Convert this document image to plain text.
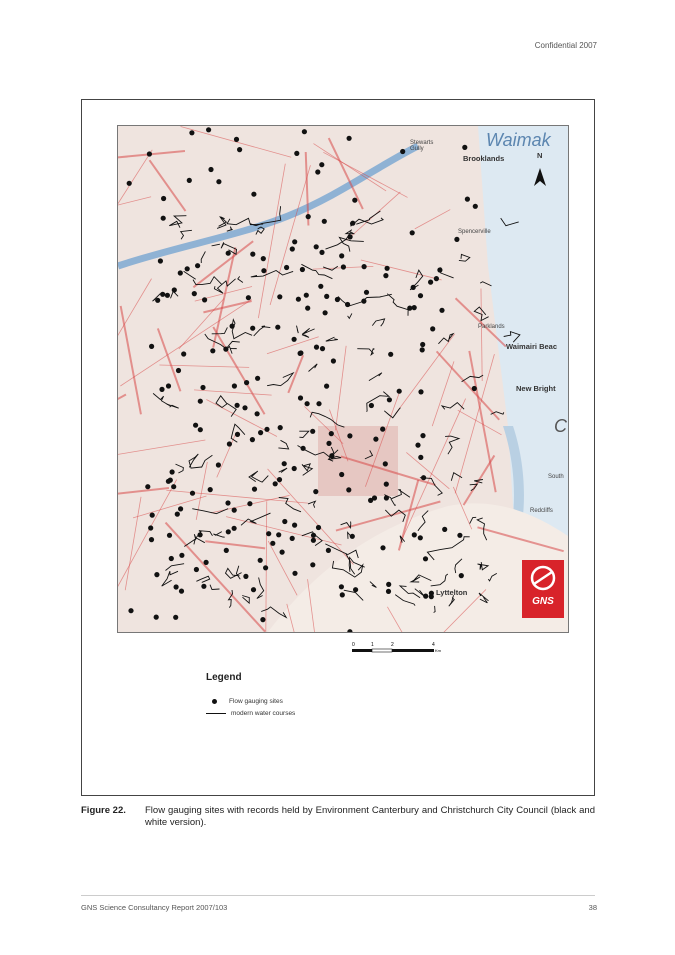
Confidential 2007
Waimak
Stewarts Gully
Brooklands
Spencerville
Parklands
Waimairi Beac
New Bright
C
South
Redcliffs
Lyttelton
N
GNS
0	1	2	4
Km
Legend
Flow gauging sites
modern water courses
Figure 22. Flow gauging sites with records held by Environment Canterbury and Christchurch City Council (black and white version).
GNS Science Consultancy Report 2007/103	38
